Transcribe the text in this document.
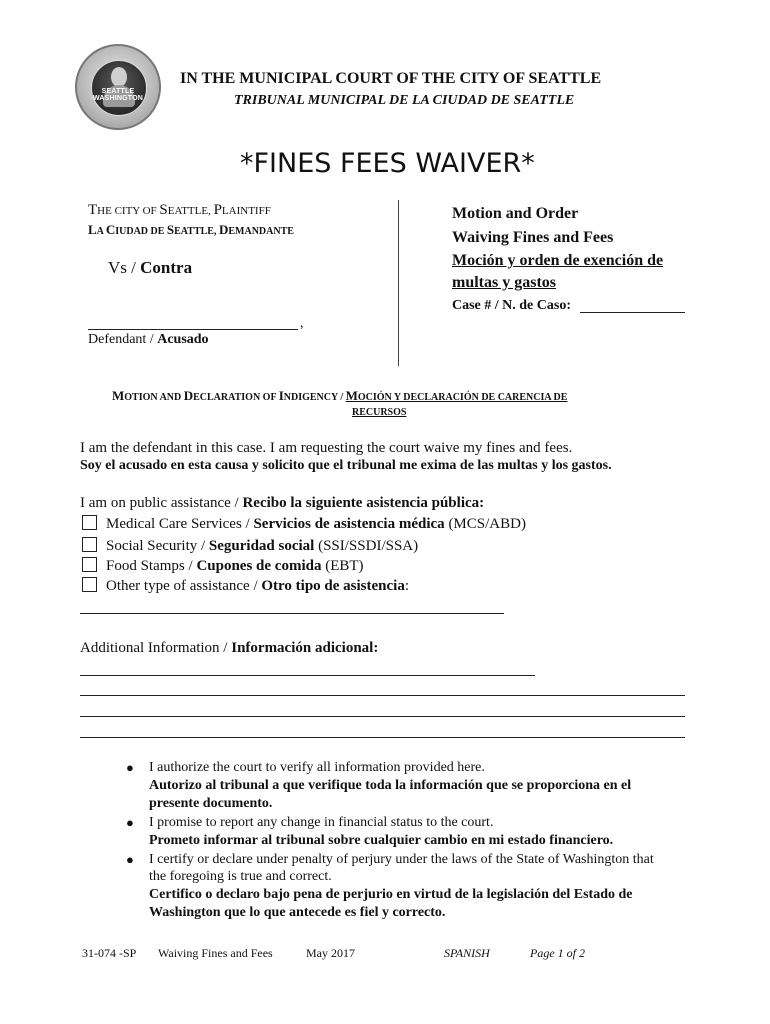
SEATTLE WASHINGTON
IN THE MUNICIPAL COURT OF THE CITY OF SEATTLE
TRIBUNAL MUNICIPAL DE LA CIUDAD DE SEATTLE
*FINES FEES WAIVER*
THE CITY OF SEATTLE, PLAINTIFF
LA CIUDAD DE SEATTLE, DEMANDANTE
Vs / Contra
,
Defendant / Acusado
Motion and Order
Waiving Fines and Fees
Moción y orden de exención de
multas y gastos
Case # / N. de Caso:
MOTION AND DECLARATION OF INDIGENCY / MOCIÓN Y DECLARACIÓN DE CARENCIA DE
RECURSOS
I am the defendant in this case. I am requesting the court waive my fines and fees.
Soy el acusado en esta causa y solicito que el tribunal me exima de las multas y los gastos.
I am on public assistance / Recibo la siguiente asistencia pública:
Medical Care Services / Servicios de asistencia médica (MCS/ABD)
Social Security / Seguridad social (SSI/SSDI/SSA)
Food Stamps / Cupones de comida (EBT)
Other type of assistance / Otro tipo de asistencia:
Additional Information / Información adicional:
● I authorize the court to verify all information provided here.
Autorizo al tribunal a que verifique toda la información que se proporciona en el
presente documento.
● I promise to report any change in financial status to the court.
Prometo informar al tribunal sobre cualquier cambio en mi estado financiero.
● I certify or declare under penalty of perjury under the laws of the State of Washington that
the foregoing is true and correct.
Certifico o declaro bajo pena de perjurio en virtud de la legislación del Estado de
Washington que lo que antecede es fiel y correcto.
31-074 -SP Waiving Fines and Fees	May 2017	SPANISH	Page 1 of 2
